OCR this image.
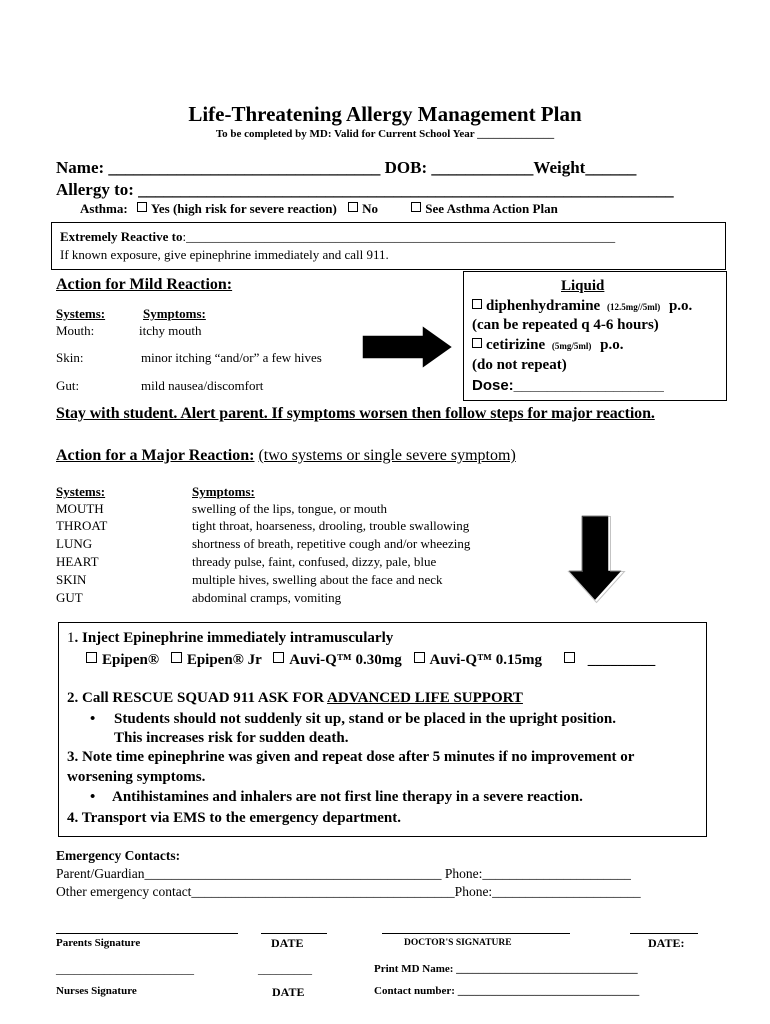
Life-Threatening Allergy Management Plan
To be completed by MD: Valid for Current School Year ______________
Name: ________________________________ DOB: ____________Weight______
Allergy to: _______________________________________________________________
Asthma: Yes (high risk for severe reaction) No	See Asthma Action Plan
Extremely Reactive to:__________________________________________________________________
If known exposure, give epinephrine immediately and call 911.
Action for Mild Reaction:
Systems:	Symptoms:
Mouth:	itchy mouth
Skin:	minor itching “and/or” a few hives
Gut:	mild nausea/discomfort
Liquid
diphenhydramine (12.5mg//5ml) p.o.
(can be repeated q 4-6 hours)
cetirizine (5mg/5ml) p.o.
(do not repeat)
Dose:__________________
Stay with student. Alert parent. If symptoms worsen then follow steps for major reaction.
Action for a Major Reaction: (two systems or single severe symptom)
Systems:	Symptoms:
MOUTH	swelling of the lips, tongue, or mouth
THROAT	tight throat, hoarseness, drooling, trouble swallowing
LUNG	shortness of breath, repetitive cough and/or wheezing
HEART	thready pulse, faint, confused, dizzy, pale, blue
SKIN	multiple hives, swelling about the face and neck
GUT	abdominal cramps, vomiting
1. Inject Epinephrine immediately intramuscularly
Epipen® Epipen® Jr Auvi-Q™ 0.30mg Auvi-Q™ 0.15mg	_________
2. Call RESCUE SQUAD 911 ASK FOR ADVANCED LIFE SUPPORT
• Students should not suddenly sit up, stand or be placed in the upright position.
This increases risk for sudden death.
3. Note time epinephrine was given and repeat dose after 5 minutes if no improvement or
worsening symptoms.
• Antihistamines and inhalers are not first line therapy in a severe reaction.
4. Transport via EMS to the emergency department.
Emergency Contacts:
Parent/Guardian____________________________________________ Phone:______________________
Other emergency contact_______________________________________Phone:______________________
Parents Signature	DATE	DOCTOR'S SIGNATURE	DATE:
_______________________	_________	Print MD Name: _________________________________
Nurses Signature	DATE	Contact number: _________________________________
